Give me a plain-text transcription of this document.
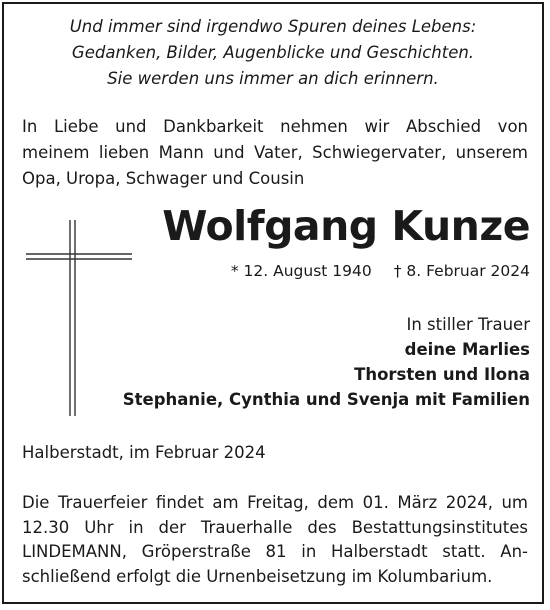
Und immer sind irgendwo Spuren deines Lebens:
Gedanken, Bilder, Augenblicke und Geschichten.
Sie werden uns immer an dich erinnern.
In Liebe und Dankbarkeit nehmen wir Abschied von
meinem lieben Mann und Vater, Schwiegervater, unserem
Opa, Uropa, Schwager und Cousin
Wolfgang Kunze
* 12. August 1940 † 8. Februar 2024
In stiller Trauer
deine Marlies
Thorsten und Ilona
Stephanie, Cynthia und Svenja mit Familien
Halberstadt, im Februar 2024
Die Trauerfeier findet am Freitag, dem 01. März 2024, um
12.30 Uhr in der Trauerhalle des Bestattungsinstitutes
LINDEMANN, Gröperstraße 81 in Halberstadt statt. An-
schließend erfolgt die Urnenbeisetzung im Kolumbarium.
